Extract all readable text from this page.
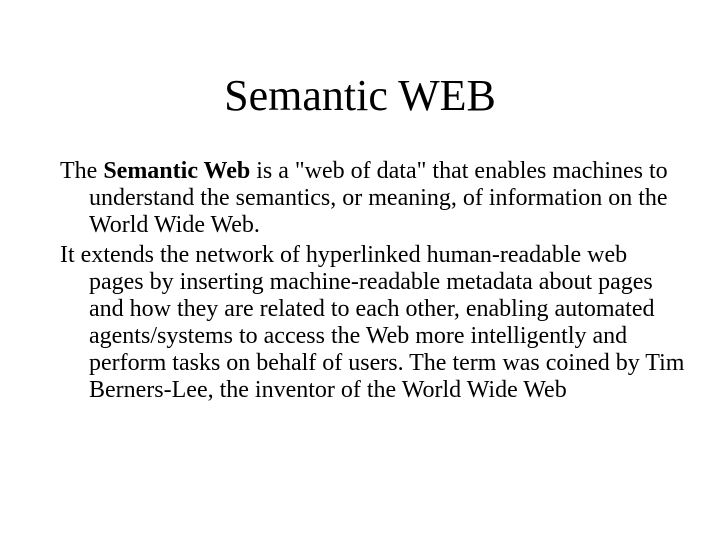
Semantic WEB

The Semantic Web is a "web of data" that enables machines to understand the semantics, or meaning, of information on the World Wide Web.

It extends the network of hyperlinked human-readable web pages by inserting machine-readable metadata about pages and how they are related to each other, enabling automated agents/systems to access the Web more intelligently and perform tasks on behalf of users. The term was coined by Tim Berners-Lee, the inventor of the World Wide Web
